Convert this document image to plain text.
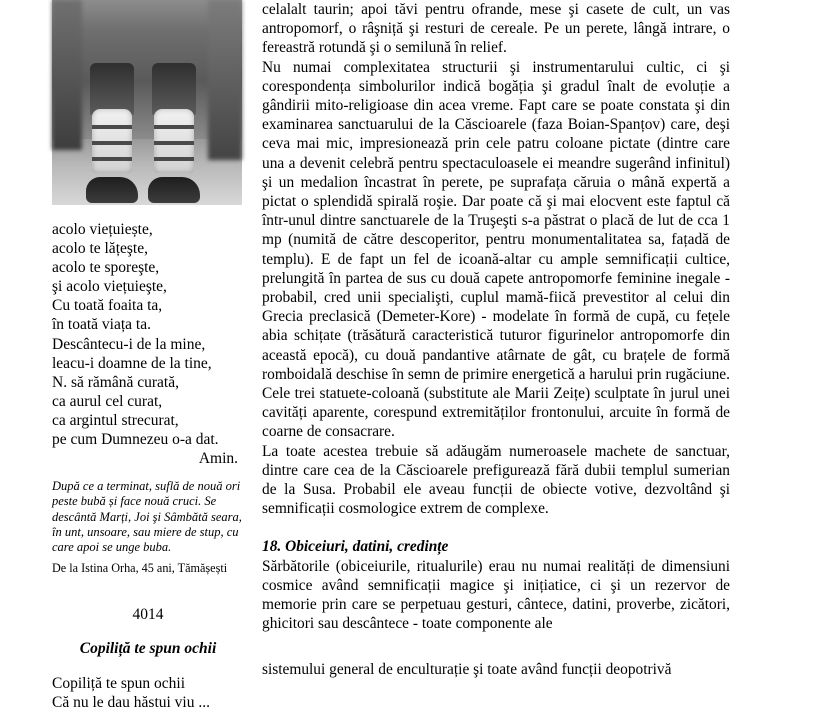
acolo viețuiește,
acolo te lățeşte,
acolo te sporeşte,
şi acolo viețuieşte,
Cu toată foaita ta,
în toată viața ta.
Descântecu-i de la mine,
leacu-i doamne de la tine,
N. să rămână curată,
ca aurul cel curat,
ca argintul strecurat,
pe cum Dumnezeu o-a dat.
Amin.
După ce a terminat, suflă de nouă ori peste bubă și face nouă cruci. Se descântă Marți, Joi şi Sâmbătă seara, în unt, unsoare, sau miere de stup, cu care apoi se unge buba.
De la Istina Orha, 45 ani, Tămășești
4014
Copiliță te spun ochii
Copiliță te spun ochii
Că nu le dau hăstui viu ...

celalalt taurin; apoi tăvi pentru ofrande, mese şi casete de cult, un vas antropomorf, o râşniță şi resturi de cereale. Pe un perete, lângă intrare, o fereastră rotundă şi o semilună în relief.

Nu numai complexitatea structurii şi instrumentarului cultic, ci şi corespondența simbolurilor indică bogăția şi gradul înalt de evoluție a gândirii mito-religioase din acea vreme. Fapt care se poate constata şi din examinarea sanctuarului de la Căscioarele (faza Boian-Spanțov) care, deşi ceva mai mic, impresionează prin cele patru coloane pictate (dintre care una a devenit celebră pentru spectaculoasele ei meandre sugerând infinitul) şi un medalion încastrat în perete, pe suprafața căruia o mână expertă a pictat o splendidă spirală roşie. Dar poate că şi mai elocvent este faptul că într-unul dintre sanctuarele de la Truşeşti s-a păstrat o placă de lut de cca 1 mp (numită de către descoperitor, pentru monumentalitatea sa, fațadă de templu). E de fapt un fel de icoană-altar cu ample semnificații cultice, prelungită în partea de sus cu două capete antropomorfe feminine inegale - probabil, cred unii specialişti, cuplul mamă-fiică prevestitor al celui din Grecia preclasică (Demeter-Kore) - modelate în formă de cupă, cu fețele abia schițate (trăsătură caracteristică tuturor figurinelor antropomorfe din această epocă), cu două pandantive atârnate de gât, cu brațele de formă romboidală deschise în semn de primire energetică a harului prin rugăciune. Cele trei statuete-coloană (substitute ale Marii Zeițe) sculptate în jurul unei cavități aparente, corespund extremităților frontonului, arcuite în formă de coarne de consacrare.

La toate acestea trebuie să adăugăm numeroasele machete de sanctuar, dintre care cea de la Căscioarele prefigurează fără dubii templul sumerian de la Susa. Probabil ele aveau funcții de obiecte votive, dezvoltând şi semnificații cosmologice extrem de complexe.

18. Obiceiuri, datini, credințe

Sărbătorile (obiceiurile, ritualurile) erau nu numai realități de dimensiuni cosmice având semnificații magice şi inițiatice, ci şi un rezervor de memorie prin care se perpetuau gesturi, cântece, datini, proverbe, zicători, ghicitori sau descântece - toate componente ale

sistemului general de enculturație şi toate având funcții deopotrivă
